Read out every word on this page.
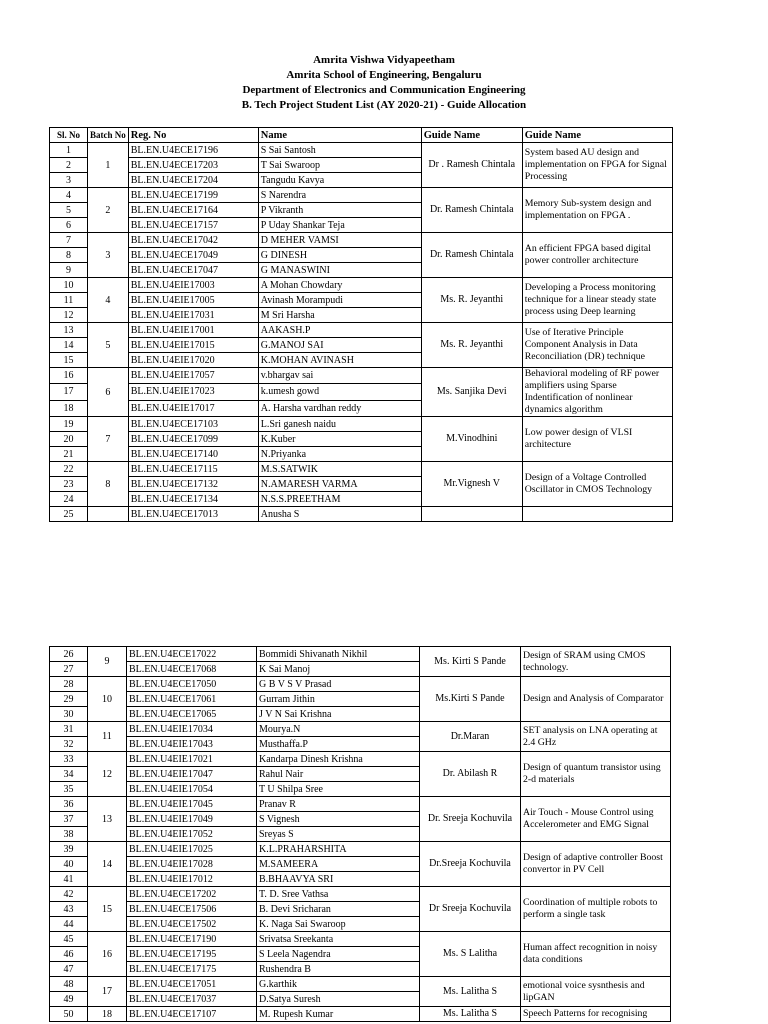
Amrita Vishwa Vidyapeetham
Amrita School of Engineering, Bengaluru
Department of Electronics and Communication Engineering
B. Tech Project Student List (AY 2020-21) - Guide Allocation
Sl. No	Batch No	Reg. No	Name	Guide Name	Guide Name
1	1	BL.EN.U4ECE17196	S Sai Santosh	Dr . Ramesh Chintala	System based AU design and implementation on FPGA for Signal Processing
2		BL.EN.U4ECE17203	T Sai Swaroop		
3		BL.EN.U4ECE17204	Tangudu Kavya		
4	2	BL.EN.U4ECE17199	S Narendra	Dr. Ramesh Chintala	Memory Sub-system design and implementation on FPGA .
5		BL.EN.U4ECE17164	P Vikranth		
6		BL.EN.U4ECE17157	P Uday Shankar Teja		
7	3	BL.EN.U4ECE17042	D MEHER VAMSI	Dr. Ramesh Chintala	An efficient FPGA based digital power controller architecture
8		BL.EN.U4ECE17049	G DINESH		
9		BL.EN.U4ECE17047	G MANASWINI		
10	4	BL.EN.U4EIE17003	A Mohan Chowdary	Ms. R. Jeyanthi	Developing a Process monitoring technique for a linear steady state process using Deep learning
11		BL.EN.U4EIE17005	Avinash Morampudi		
12		BL.EN.U4EIE17031	M Sri Harsha		
13	5	BL.EN.U4EIE17001	AAKASH.P	Ms. R. Jeyanthi	Use of Iterative Principle Component Analysis in Data Reconciliation (DR) technique
14		BL.EN.U4EIE17015	G.MANOJ SAI		
15		BL.EN.U4EIE17020	K.MOHAN AVINASH		
16	6	BL.EN.U4EIE17057	v.bhargav sai	Ms. Sanjika Devi	Behavioral modeling of RF power amplifiers using Sparse Indentification of nonlinear dynamics algorithm
17		BL.EN.U4EIE17023	k.umesh gowd		
18		BL.EN.U4EIE17017	A. Harsha vardhan reddy		
19	7	BL.EN.U4ECE17103	L.Sri ganesh naidu	M.Vinodhini	Low power design of VLSI architecture
20		BL.EN.U4ECE17099	K.Kuber		
21		BL.EN.U4ECE17140	N.Priyanka		
22	8	BL.EN.U4ECE17115	M.S.SATWIK	Mr.Vignesh V	Design of a Voltage Controlled Oscillator in CMOS Technology
23		BL.EN.U4ECE17132	N.AMARESH VARMA		
24		BL.EN.U4ECE17134	N.S.S.PREETHAM		
25		BL.EN.U4ECE17013	Anusha S		
26	9	BL.EN.U4ECE17022	Bommidi Shivanath Nikhil	Ms. Kirti S Pande	Design of SRAM using CMOS technology.
27		BL.EN.U4ECE17068	K Sai Manoj		
28	10	BL.EN.U4ECE17050	G B V S V Prasad	Ms.Kirti S Pande	Design and Analysis of Comparator
29		BL.EN.U4ECE17061	Gurram Jithin		
30		BL.EN.U4ECE17065	J V N Sai Krishna		
31	11	BL.EN.U4EIE17034	Mourya.N	Dr.Maran	SET analysis on LNA operating at 2.4 GHz
32		BL.EN.U4EIE17043	Musthaffa.P		
33	12	BL.EN.U4EIE17021	Kandarpa Dinesh Krishna	Dr. Abilash R	Design of quantum transistor using 2-d materials
34		BL.EN.U4EIE17047	Rahul Nair		
35		BL.EN.U4EIE17054	T U Shilpa Sree		
36	13	BL.EN.U4EIE17045	Pranav R	Dr. Sreeja Kochuvila	Air Touch - Mouse Control using Accelerometer and EMG Signal
37		BL.EN.U4EIE17049	S Vignesh		
38		BL.EN.U4EIE17052	Sreyas S		
39	14	BL.EN.U4EIE17025	K.L.PRAHARSHITA	Dr.Sreeja Kochuvila	Design of adaptive controller Boost convertor in PV Cell
40		BL.EN.U4EIE17028	M.SAMEERA		
41		BL.EN.U4EIE17012	B.BHAAVYA SRI		
42	15	BL.EN.U4ECE17202	T. D. Sree Vathsa	Dr Sreeja Kochuvila	Coordination of multiple robots to perform a single task
43		BL.EN.U4ECE17506	B. Devi Sricharan		
44		BL.EN.U4ECE17502	K. Naga Sai Swaroop		
45	16	BL.EN.U4ECE17190	Srivatsa Sreekanta	Ms. S Lalitha	Human affect recognition in noisy data conditions
46		BL.EN.U4ECE17195	S Leela Nagendra		
47		BL.EN.U4ECE17175	Rushendra B		
48	17	BL.EN.U4ECE17051	G.karthik	Ms. Lalitha S	emotional voice sysnthesis and lipGAN
49		BL.EN.U4ECE17037	D.Satya Suresh		
50	18	BL.EN.U4ECE17107	M. Rupesh Kumar	Ms. Lalitha S	Speech Patterns for recognising
